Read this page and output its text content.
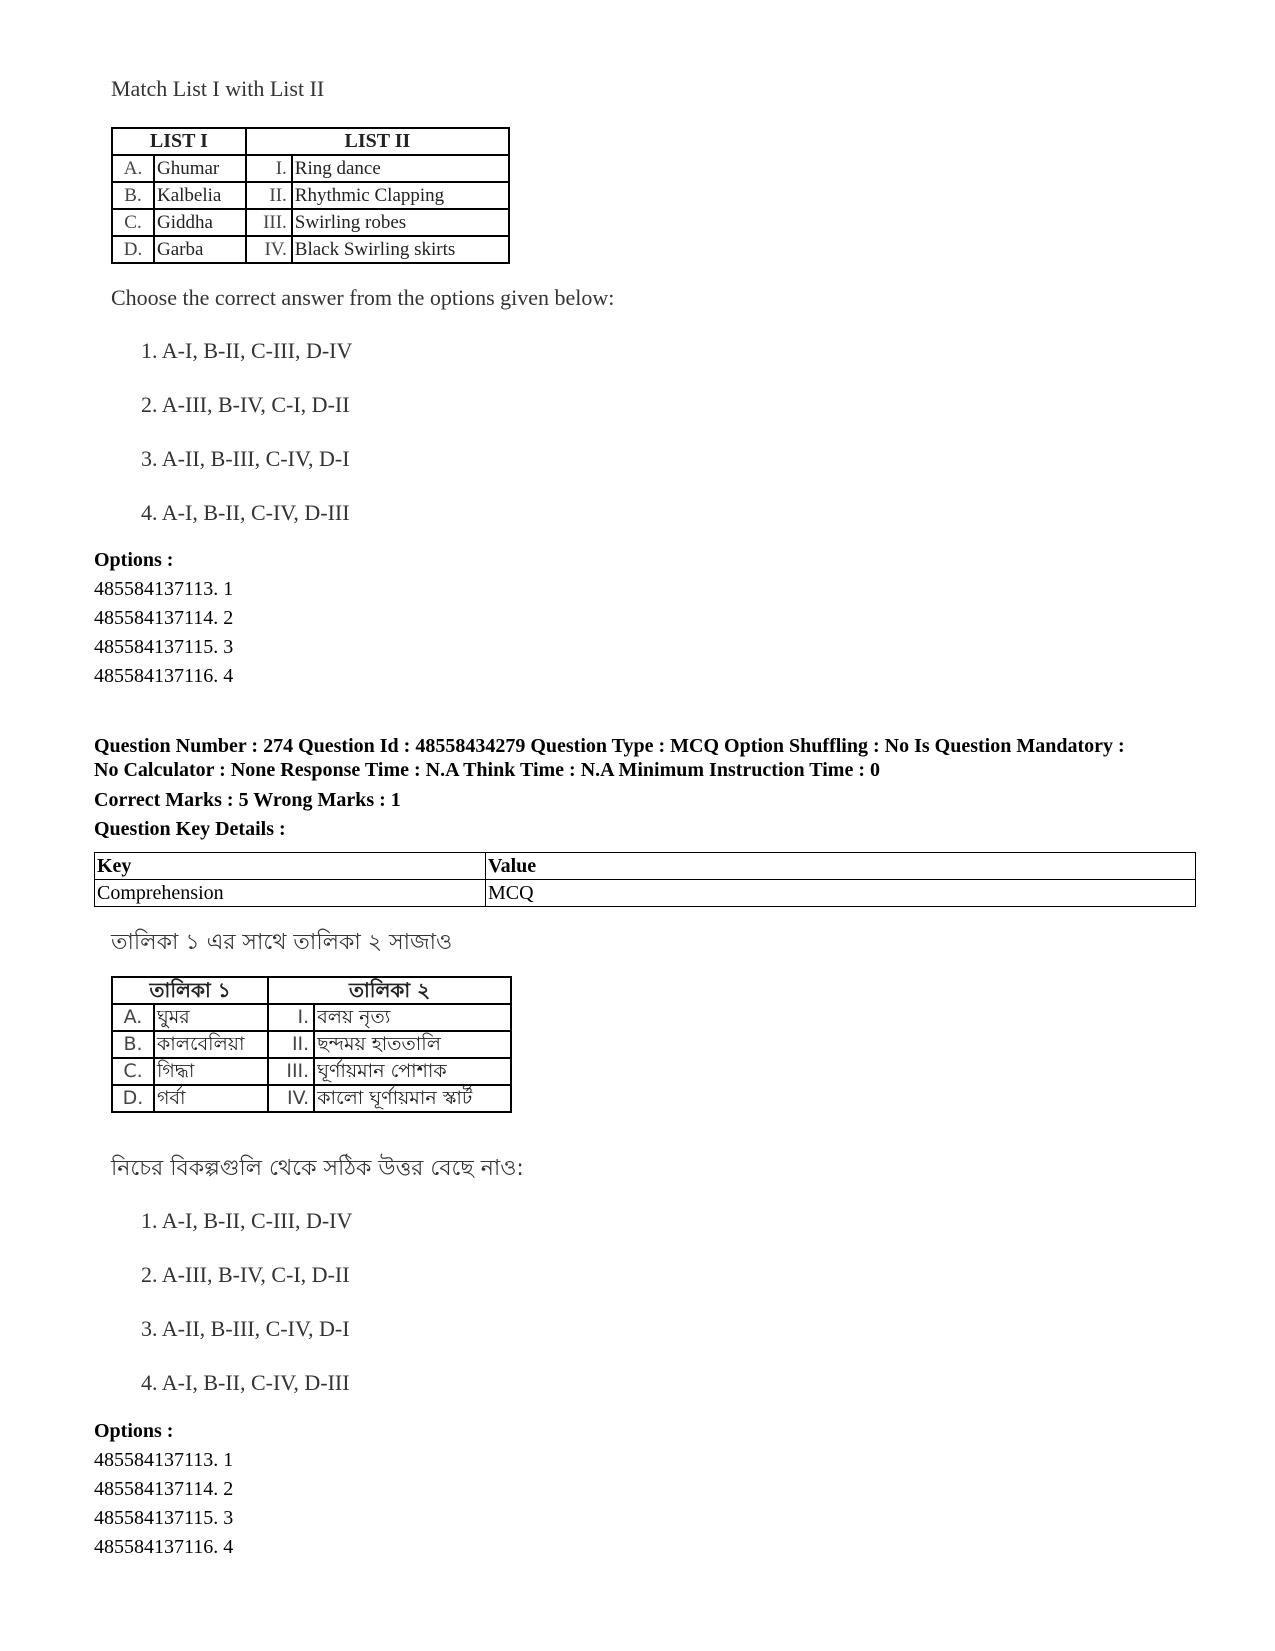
Match List I with List II
LIST I		LIST II	
A.	Ghumar	I.	Ring dance
B.	Kalbelia	II.	Rhythmic Clapping
C.	Giddha	III.	Swirling robes
D.	Garba	IV.	Black Swirling skirts
Choose the correct answer from the options given below:
1. A-I, B-II, C-III, D-IV
2. A-III, B-IV, C-I, D-II
3. A-II, B-III, C-IV, D-I
4. A-I, B-II, C-IV, D-III
Options :
485584137113. 1
485584137114. 2
485584137115. 3
485584137116. 4
Question Number : 274 Question Id : 48558434279 Question Type : MCQ Option Shuffling : No Is Question Mandatory :
No Calculator : None Response Time : N.A Think Time : N.A Minimum Instruction Time : 0
Correct Marks : 5 Wrong Marks : 1
Question Key Details :
Key	Value
Comprehension	MCQ
তালিকা ১ এর সাথে তালিকা ২ সাজাও
তালিকা ১		তালিকা ২	
A.	ঘুমর	I.	বলয় নৃত্য
B.	কালবেলিয়া	II.	ছন্দময় হাততালি
C.	গিদ্ধা	III.	ঘূর্ণায়মান পোশাক
D.	গর্বা	IV.	কালো ঘূর্ণায়মান স্কার্ট
নিচের বিকল্পগুলি থেকে সঠিক উত্তর বেছে নাও:
1. A-I, B-II, C-III, D-IV
2. A-III, B-IV, C-I, D-II
3. A-II, B-III, C-IV, D-I
4. A-I, B-II, C-IV, D-III
Options :
485584137113. 1
485584137114. 2
485584137115. 3
485584137116. 4
